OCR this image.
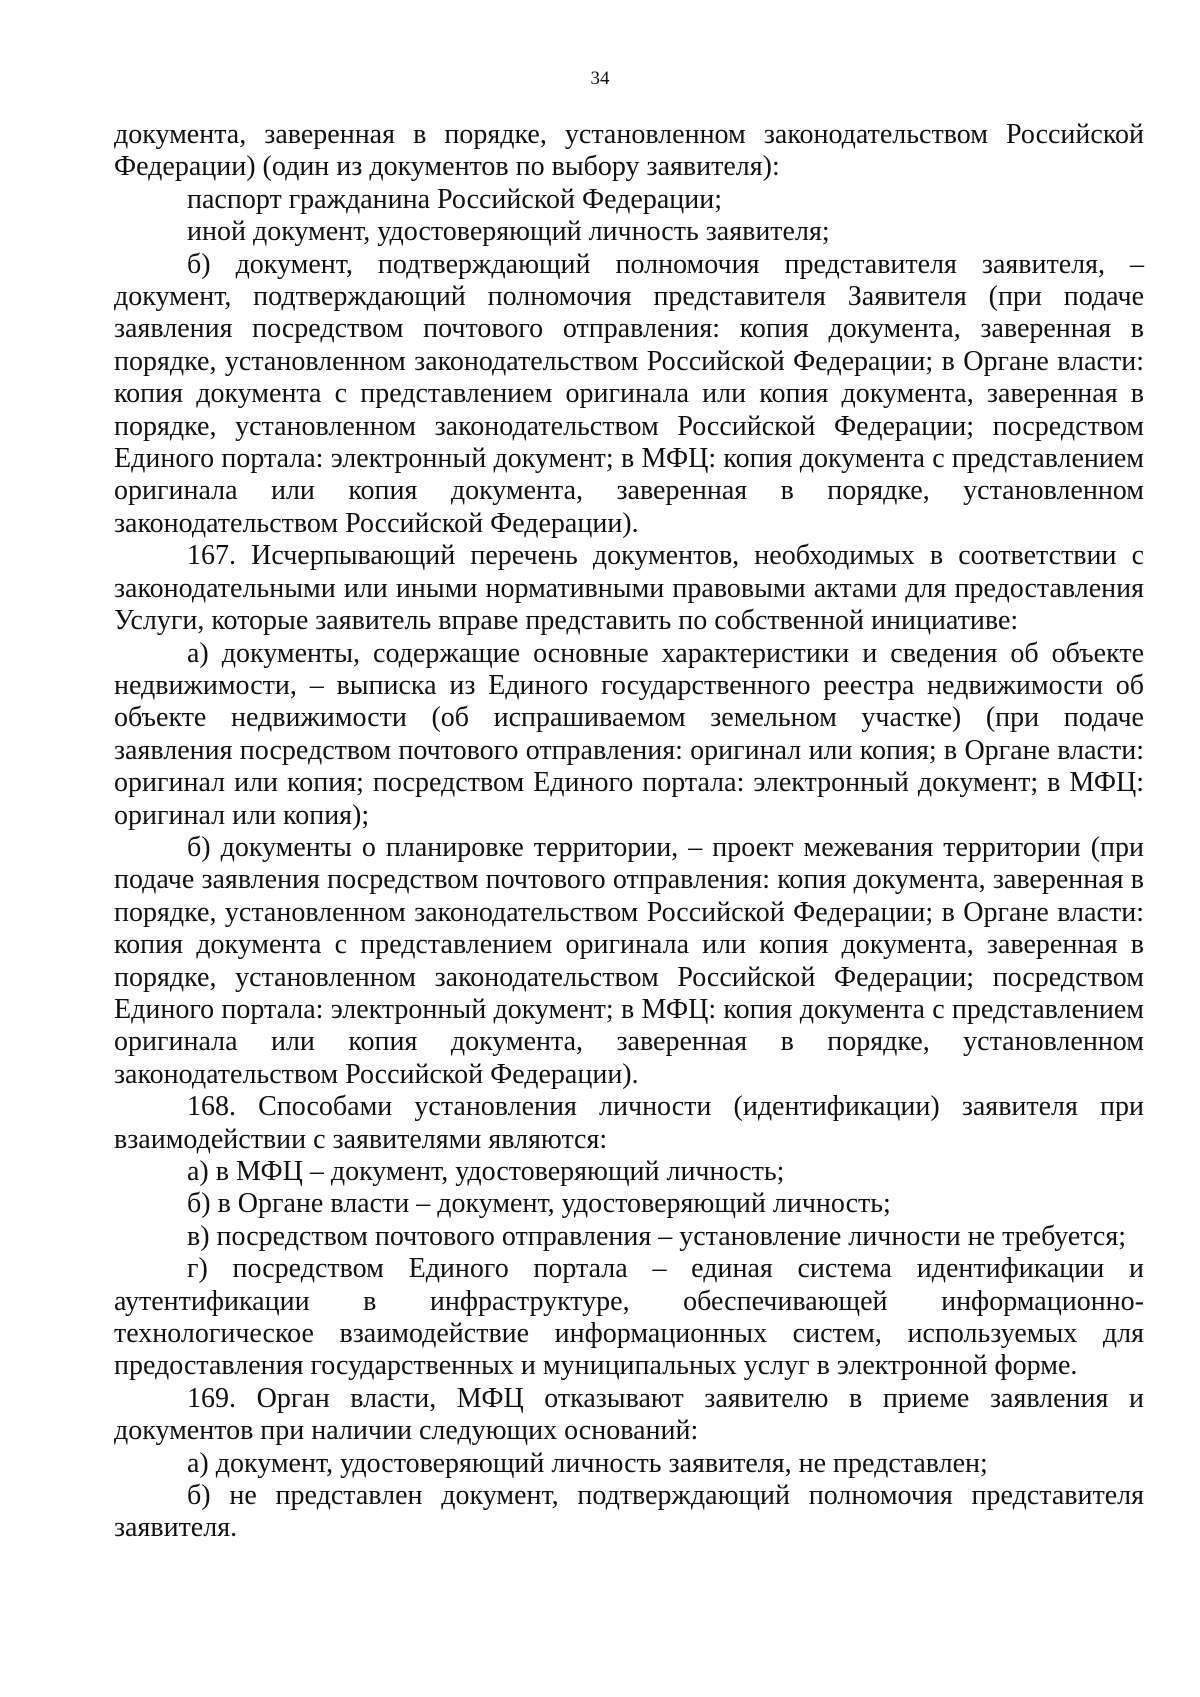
34

документа, заверенная в порядке, установленном законодательством Российской Федерации) (один из документов по выбору заявителя):

паспорт гражданина Российской Федерации;

иной документ, удостоверяющий личность заявителя;

б) документ, подтверждающий полномочия представителя заявителя, – документ, подтверждающий полномочия представителя Заявителя (при подаче заявления посредством почтового отправления: копия документа, заверенная в порядке, установленном законодательством Российской Федерации; в Органе власти: копия документа с представлением оригинала или копия документа, заверенная в порядке, установленном законодательством Российской Федерации; посредством Единого портала: электронный документ; в МФЦ: копия документа с представлением оригинала или копия документа, заверенная в порядке, установленном законодательством Российской Федерации).

167. Исчерпывающий перечень документов, необходимых в соответствии с законодательными или иными нормативными правовыми актами для предоставления Услуги, которые заявитель вправе представить по собственной инициативе:

а) документы, содержащие основные характеристики и сведения об объекте недвижимости, – выписка из Единого государственного реестра недвижимости об объекте недвижимости (об испрашиваемом земельном участке) (при подаче заявления посредством почтового отправления: оригинал или копия; в Органе власти: оригинал или копия; посредством Единого портала: электронный документ; в МФЦ: оригинал или копия);

б) документы о планировке территории, – проект межевания территории (при подаче заявления посредством почтового отправления: копия документа, заверенная в порядке, установленном законодательством Российской Федерации; в Органе власти: копия документа с представлением оригинала или копия документа, заверенная в порядке, установленном законодательством Российской Федерации; посредством Единого портала: электронный документ; в МФЦ: копия документа с представлением оригинала или копия документа, заверенная в порядке, установленном законодательством Российской Федерации).

168. Способами установления личности (идентификации) заявителя при взаимодействии с заявителями являются:

а) в МФЦ – документ, удостоверяющий личность;

б) в Органе власти – документ, удостоверяющий личность;

в) посредством почтового отправления – установление личности не требуется;

г) посредством Единого портала – единая система идентификации и аутентификации в инфраструктуре, обеспечивающей информационно-технологическое взаимодействие информационных систем, используемых для предоставления государственных и муниципальных услуг в электронной форме.

169. Орган власти, МФЦ отказывают заявителю в приеме заявления и документов при наличии следующих оснований:

а) документ, удостоверяющий личность заявителя, не представлен;

б) не представлен документ, подтверждающий полномочия представителя заявителя.
